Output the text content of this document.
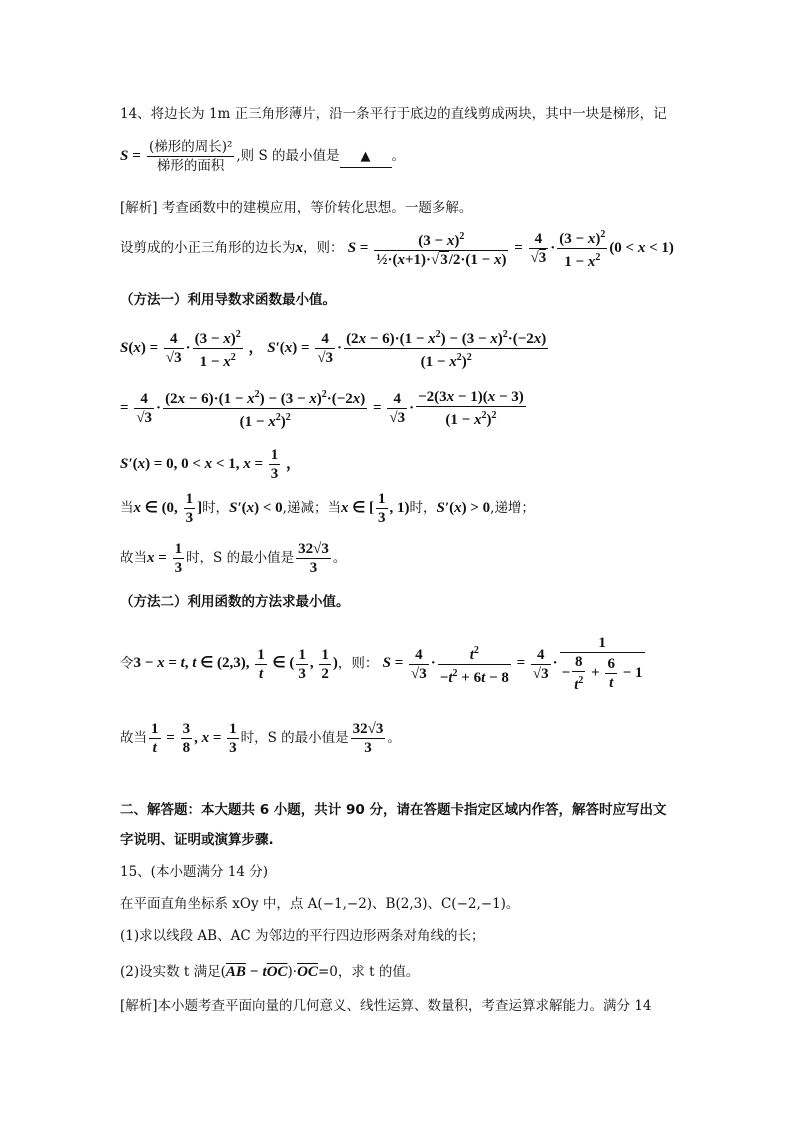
14、将边长为 1m 正三角形薄片，沿一条平行于底边的直线剪成两块，其中一块是梯形，记
$S = \frac{\text{(梯形的周长)²}}{\text{梯形的面积}}$ ,则 S 的最小值是 ▲ 。
[解析] 考查函数中的建模应用，等价转化思想。一题多解。
设剪成的小正三角形的边长为x，则： $S = \frac{(3 - x)^2}{\text{½·(x+1)·√3/2·(1 − x)}} = \frac{4}{√3} \cdot \frac{(3 - x)^2}{1 - x^2} (0 < x < 1)$
（方法一）利用导数求函数最小值。
$S(x) = \frac{4}{√3} \cdot \frac{(3 - x)^2}{1 - x^2}$ ， $S'(x) = \frac{4}{√3} \cdot \frac{(2x - 6)\cdot(1 - x^2) - (3 - x)^2\cdot(-2x)}{(1 - x^2)^2}$
= $\frac{4}{√3} \cdot \frac{(2x - 6)\cdot(1 - x^2) - (3 - x)^2\cdot(-2x)}{(1 - x^2)^2} = \frac{4}{√3} \cdot \frac{-2(3x - 1)(x - 3)}{(1 - x^2)^2}$
S′(x) = 0, 0 < x < 1, $x = \frac{1}{3}$ ，
当x ∈ (0, $\frac{1}{3}$ ]时，S′(x) < 0,递减；当x ∈ [ $\frac{1}{3}$ , 1)时，S′(x) > 0,递增；
故当$x = \frac{1}{3}$ 时，S 的最小值是 $\frac{32√3}{3}$ 。
（方法二）利用函数的方法求最小值。
令3 − x = t, t ∈ (2,3), $\frac{1}{t}$ ∈ ( $\frac{1}{3}$ , $\frac{1}{2}$ )，则： $S = \frac{4}{√3} \cdot \frac{t^2}{-t^2 + 6t - 8} = \frac{4}{√3} \cdot \frac{1}{- \frac{8}{t^2} + \frac{6}{t} - 1}$
故当 $\frac{1}{t} = \frac{3}{8}$ , $x = \frac{1}{3}$ 时，S 的最小值是 $\frac{32√3}{3}$ 。
二、解答题：本大题共 6 小题，共计 90 分，请在答题卡指定区域内作答，解答时应写出文
字说明、证明或演算步骤.
15、(本小题满分 14 分)
在平面直角坐标系 xOy 中，点 A(−1,−2)、B(2,3)、C(−2,−1)。
(1)求以线段 AB、AC 为邻边的平行四边形两条对角线的长；
(2)设实数 t 满足$(\overline{AB} - t\overline{OC})\cdot\overline{OC}=0$，求 t 的值。
[解析]本小题考查平面向量的几何意义、线性运算、数量积，考查运算求解能力。满分 14
